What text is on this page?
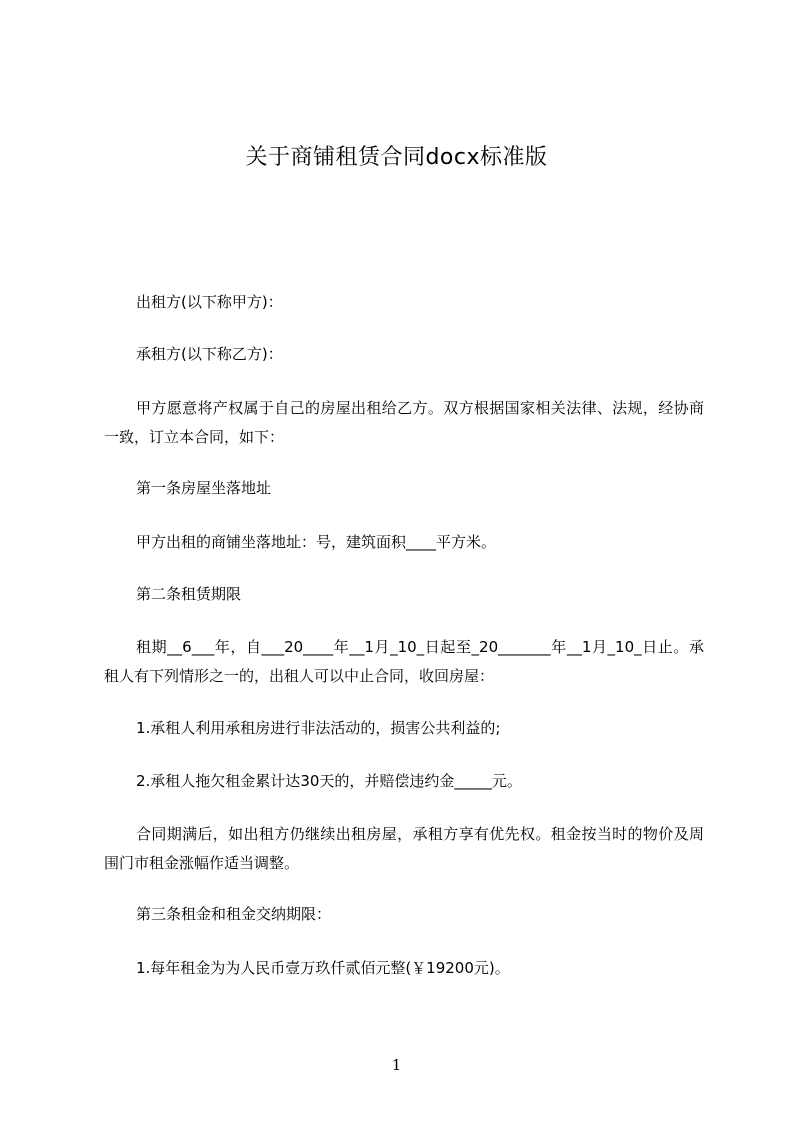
关于商铺租赁合同docx标准版
出租方(以下称甲方)：
承租方(以下称乙方)：
甲方愿意将产权属于自己的房屋出租给乙方。双方根据国家相关法律、法规，经协商一致，订立本合同，如下：
第一条房屋坐落地址
甲方出租的商铺坐落地址：号，建筑面积____平方米。
第二条租赁期限
租期__6___年，自___20____年__1月_10_日起至_20_______年__1月_10_日止。承租人有下列情形之一的，出租人可以中止合同，收回房屋：
1.承租人利用承租房进行非法活动的，损害公共利益的;
2.承租人拖欠租金累计达30天的，并赔偿违约金_____元。
合同期满后，如出租方仍继续出租房屋，承租方享有优先权。租金按当时的物价及周围门市租金涨幅作适当调整。
第三条租金和租金交纳期限：
1.每年租金为为人民币壹万玖仟贰佰元整(￥19200元)。
1
